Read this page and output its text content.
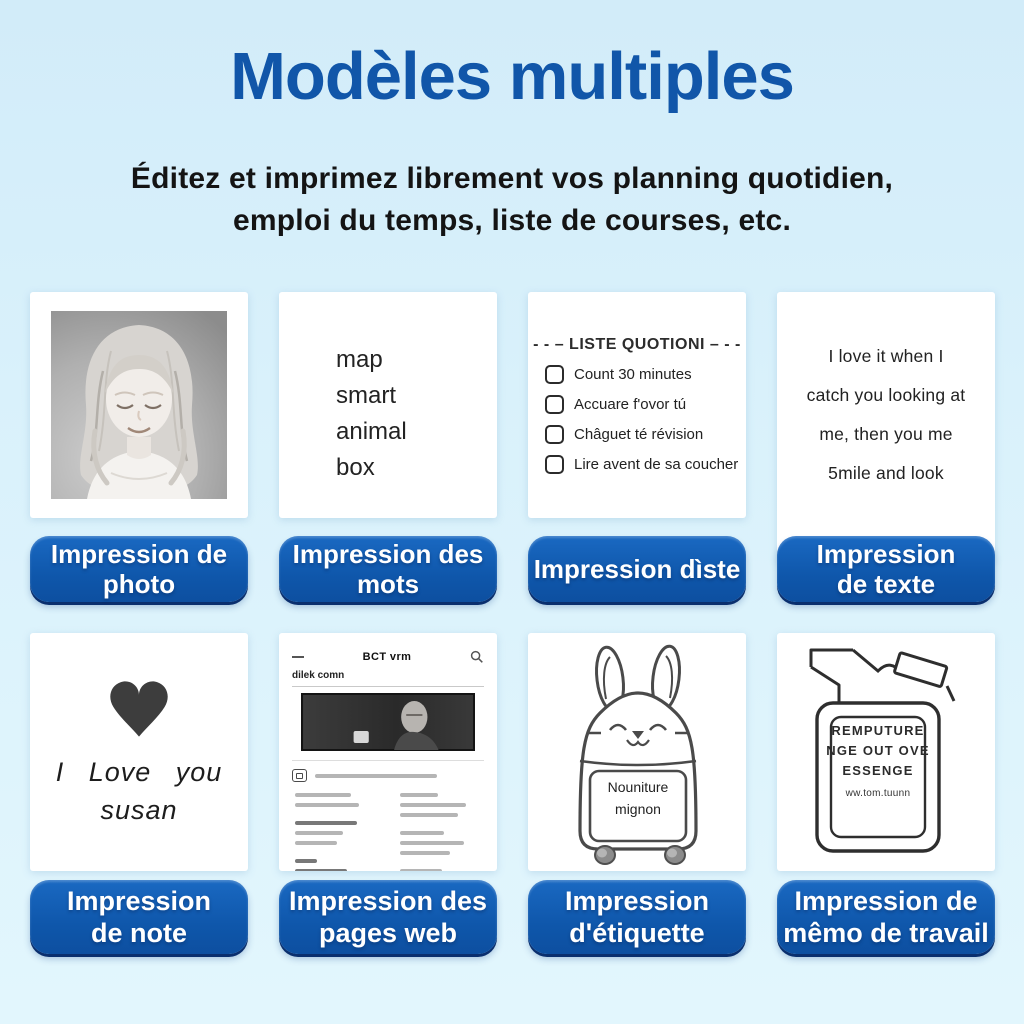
Modèles multiples

Éditez et imprimez librement vos planning quotidien,
emploi du temps, liste de courses, etc.

map
smart
animal
box
- - – LISTE QUOTIONI – - -
Count 30 minutes
Accuare f'ovor tú
Châguet té révision
Lire avent de sa coucher
I love it when I
catch you looking at
me, then you me
5mile and look
Impression de
photo
Impression des
mots	Impression dìste	Impression
de texte
I Love you
susan
BCT vrm
dilek comn
Nouniture
mignon
REMPUTURE
NGE OUT OVE
ESSENGE
ww.tom.tuunn
Impression
de note
Impression des
pages web
Impression
d'étiquette
Impression de
mêmo de travail
